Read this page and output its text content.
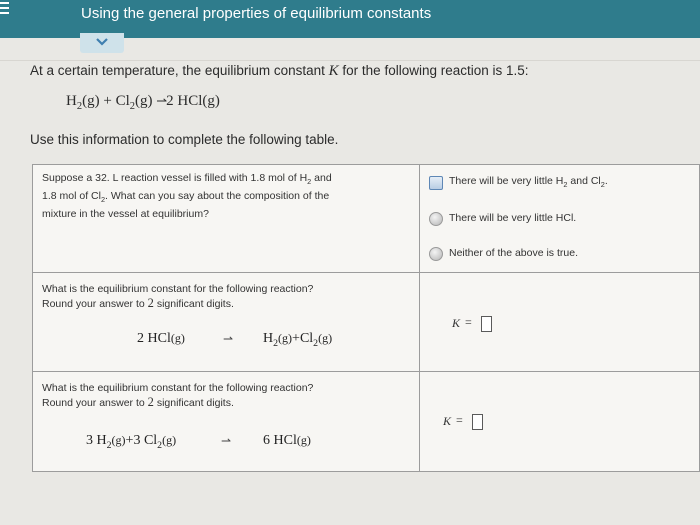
Using the general properties of equilibrium constants
At a certain temperature, the equilibrium constant K for the following reaction is 1.5:
$H_2(g) + Cl_2(g)$ ⇀2 HCl(g)
Use this information to complete the following table.
Suppose a 32. L reaction vessel is filled with 1.8 mol of $H_2$ and
1.8 mol of $Cl_2$. What can you say about the composition of the
mixture in the vessel at equilibrium?
There will be very little $H_2$ and $Cl_2$.
There will be very little HCl.
Neither of the above is true.
What is the equilibrium constant for the following reaction?
Round your answer to 2 significant digits.
2 HCl(g)	⇀ $H_2(g)+Cl_2(g)$
K =
What is the equilibrium constant for the following reaction?
Round your answer to 2 significant digits.
3 $H_2(g)+3$ $Cl_2(g)$	⇀ 6 HCl(g)
K =
